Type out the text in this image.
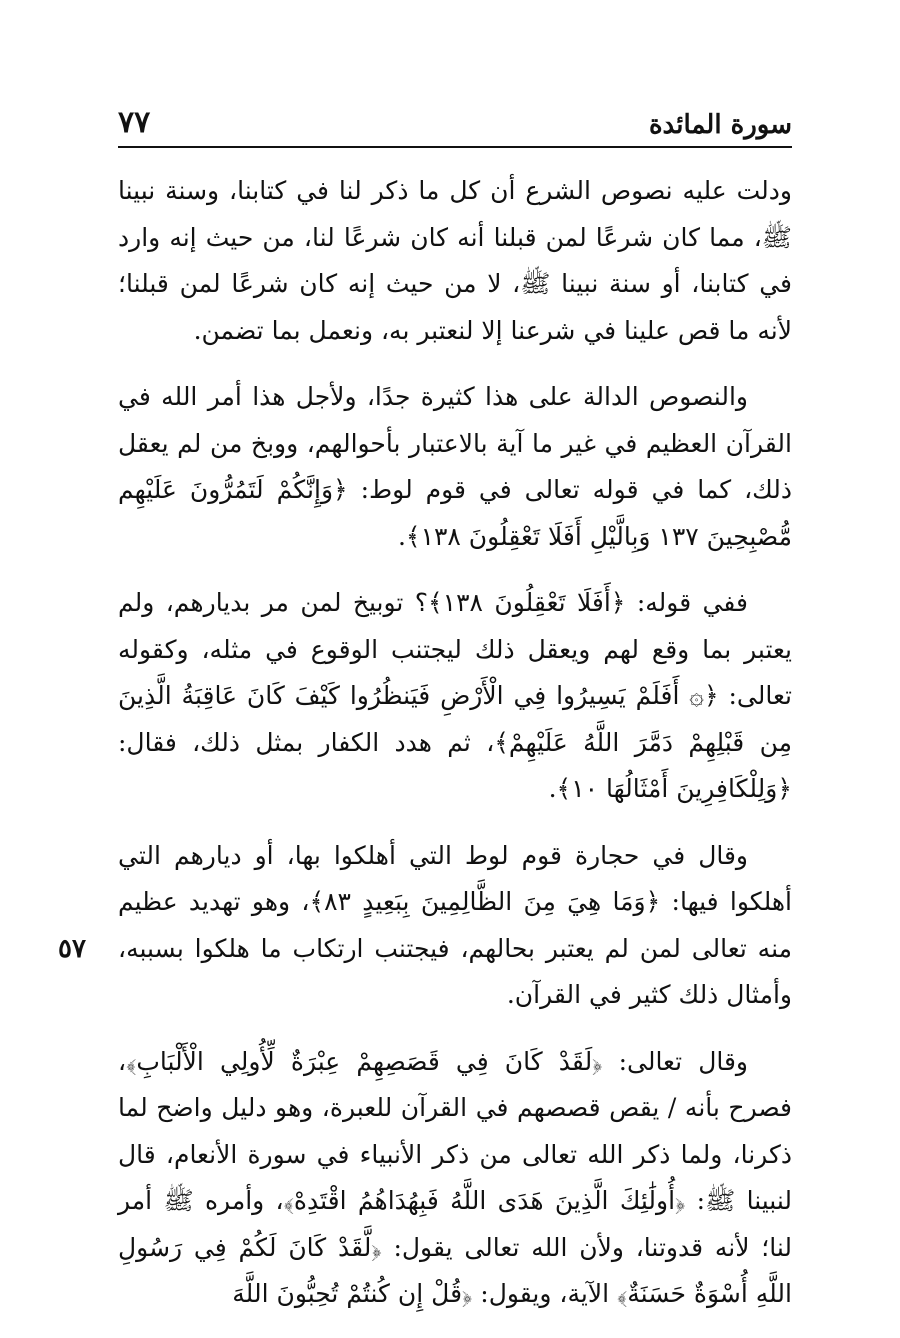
٧٧	سورة المائدة
٥٧

ودلت عليه نصوص الشرع أن كل ما ذكر لنا في كتابنا، وسنة نبينا ﷺ، مما كان شرعًا لمن قبلنا أنه كان شرعًا لنا، من حيث إنه وارد في كتابنا، أو سنة نبينا ﷺ، لا من حيث إنه كان شرعًا لمن قبلنا؛ لأنه ما قص علينا في شرعنا إلا لنعتبر به، ونعمل بما تضمن.

والنصوص الدالة على هذا كثيرة جدًا، ولأجل هذا أمر الله في القرآن العظيم في غير ما آية بالاعتبار بأحوالهم، ووبخ من لم يعقل ذلك، كما في قوله تعالى في قوم لوط: ﴿وَإِنَّكُمْ لَتَمُرُّونَ عَلَيْهِم مُّصْبِحِينَ ١٣٧ وَبِالَّيْلِ أَفَلَا تَعْقِلُونَ ١٣٨﴾.

ففي قوله: ﴿أَفَلَا تَعْقِلُونَ ١٣٨﴾؟ توبيخ لمن مر بديارهم، ولم يعتبر بما وقع لهم ويعقل ذلك ليجتنب الوقوع في مثله، وكقوله تعالى: ﴿۞ أَفَلَمْ يَسِيرُوا فِي الْأَرْضِ فَيَنظُرُوا كَيْفَ كَانَ عَاقِبَةُ الَّذِينَ مِن قَبْلِهِمْ دَمَّرَ اللَّهُ عَلَيْهِمْ﴾، ثم هدد الكفار بمثل ذلك، فقال: ﴿وَلِلْكَافِرِينَ أَمْثَالُهَا ١٠﴾.

وقال في حجارة قوم لوط التي أهلكوا بها، أو ديارهم التي أهلكوا فيها: ﴿وَمَا هِيَ مِنَ الظَّالِمِينَ بِبَعِيدٍ ٨٣﴾، وهو تهديد عظيم منه تعالى لمن لم يعتبر بحالهم، فيجتنب ارتكاب ما هلكوا بسببه، وأمثال ذلك كثير في القرآن.

وقال تعالى: ﴿لَقَدْ كَانَ فِي قَصَصِهِمْ عِبْرَةٌ لِّأُولِي الْأَلْبَابِ﴾، فصرح بأنه / يقص قصصهم في القرآن للعبرة، وهو دليل واضح لما ذكرنا، ولما ذكر الله تعالى من ذكر الأنبياء في سورة الأنعام، قال لنبينا ﷺ: ﴿أُولَٰئِكَ الَّذِينَ هَدَى اللَّهُ فَبِهُدَاهُمُ اقْتَدِهْ﴾، وأمره ﷺ أمر لنا؛ لأنه قدوتنا، ولأن الله تعالى يقول: ﴿لَّقَدْ كَانَ لَكُمْ فِي رَسُولِ اللَّهِ أُسْوَةٌ حَسَنَةٌ﴾ الآية، ويقول: ﴿قُلْ إِن كُنتُمْ تُحِبُّونَ اللَّهَ
